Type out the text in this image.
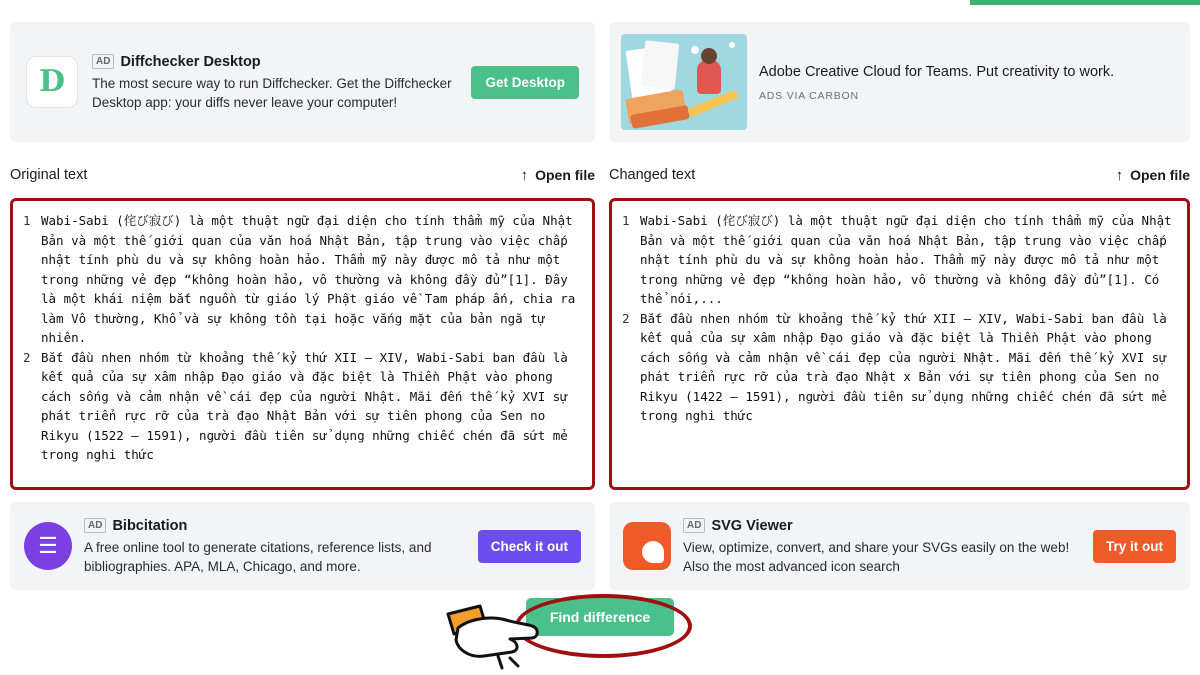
D
AD Diffchecker Desktop
The most secure way to run Diffchecker. Get the Diffchecker Desktop app: your diffs never leave your computer!
Get Desktop
Adobe Creative Cloud for Teams. Put creativity to work.
ADS VIA CARBON
Original text	↑ Open file Changed text	↑ Open file
1 Wabi-Sabi (侘び寂び) là một thuật ngữ đại diện cho tính thẩm mỹ của Nhật Bản và một thế giới quan của văn hoá Nhật Bản, tập trung vào việc chấp nhật tính phù du và sự không hoàn hảo. Thẩm mỹ này được mô tả như một trong những vẻ đẹp “không hoàn hảo, vô thường và không đầy đủ”[1]. Đây là một khái niệm bắt nguồn từ giáo lý Phật giáo về Tam pháp ấn, chia ra làm Vô thường, Khổ và sự không tồn tại hoặc vắng mặt của bản ngã tự nhiên.
2 Bắt đầu nhen nhóm từ khoảng thế kỷ thứ XII – XIV, Wabi-Sabi ban đầu là kết quả của sự xâm nhập Đạo giáo và đặc biệt là Thiền Phật vào phong cách sống và cảm nhận về cái đẹp của người Nhật. Mãi đến thế kỷ XVI sự phát triển rực rỡ của trà đạo Nhật Bản với sự tiên phong của Sen no Rikyu (1522 – 1591), người đầu tiên sử dụng những chiếc chén đã sứt mẻ trong nghi thức
1 Wabi-Sabi (侘び寂び) là một thuật ngữ đại diện cho tính thẩm mỹ của Nhật Bản và một thế giới quan của văn hoá Nhật Bản, tập trung vào việc chấp nhật tính phù du và sự không hoàn hảo. Thẩm mỹ này được mô tả như một trong những vẻ đẹp “không hoàn hảo, vô thường và không đầy đủ”[1]. Có thể nói,...
2 Bắt đầu nhen nhóm từ khoảng thế kỷ thứ XII – XIV, Wabi-Sabi ban đầu là kết quả của sự xâm nhập Đạo giáo và đặc biệt là Thiền Phật vào phong cách sống và cảm nhận về cái đẹp của người Nhật. Mãi đến thế kỷ XVI sự phát triển rực rỡ của trà đạo Nhật x Bản với sự tiên phong của Sen no Rikyu (1422 – 1591), người đầu tiên sử dụng những chiếc chén đã sứt mẻ trong nghi thức
☰
AD Bibcitation
A free online tool to generate citations, reference lists, and bibliographies. APA, MLA, Chicago, and more.
Check it out
AD SVG Viewer
View, optimize, convert, and share your SVGs easily on the web! Also the most advanced icon search
Try it out
Find difference
